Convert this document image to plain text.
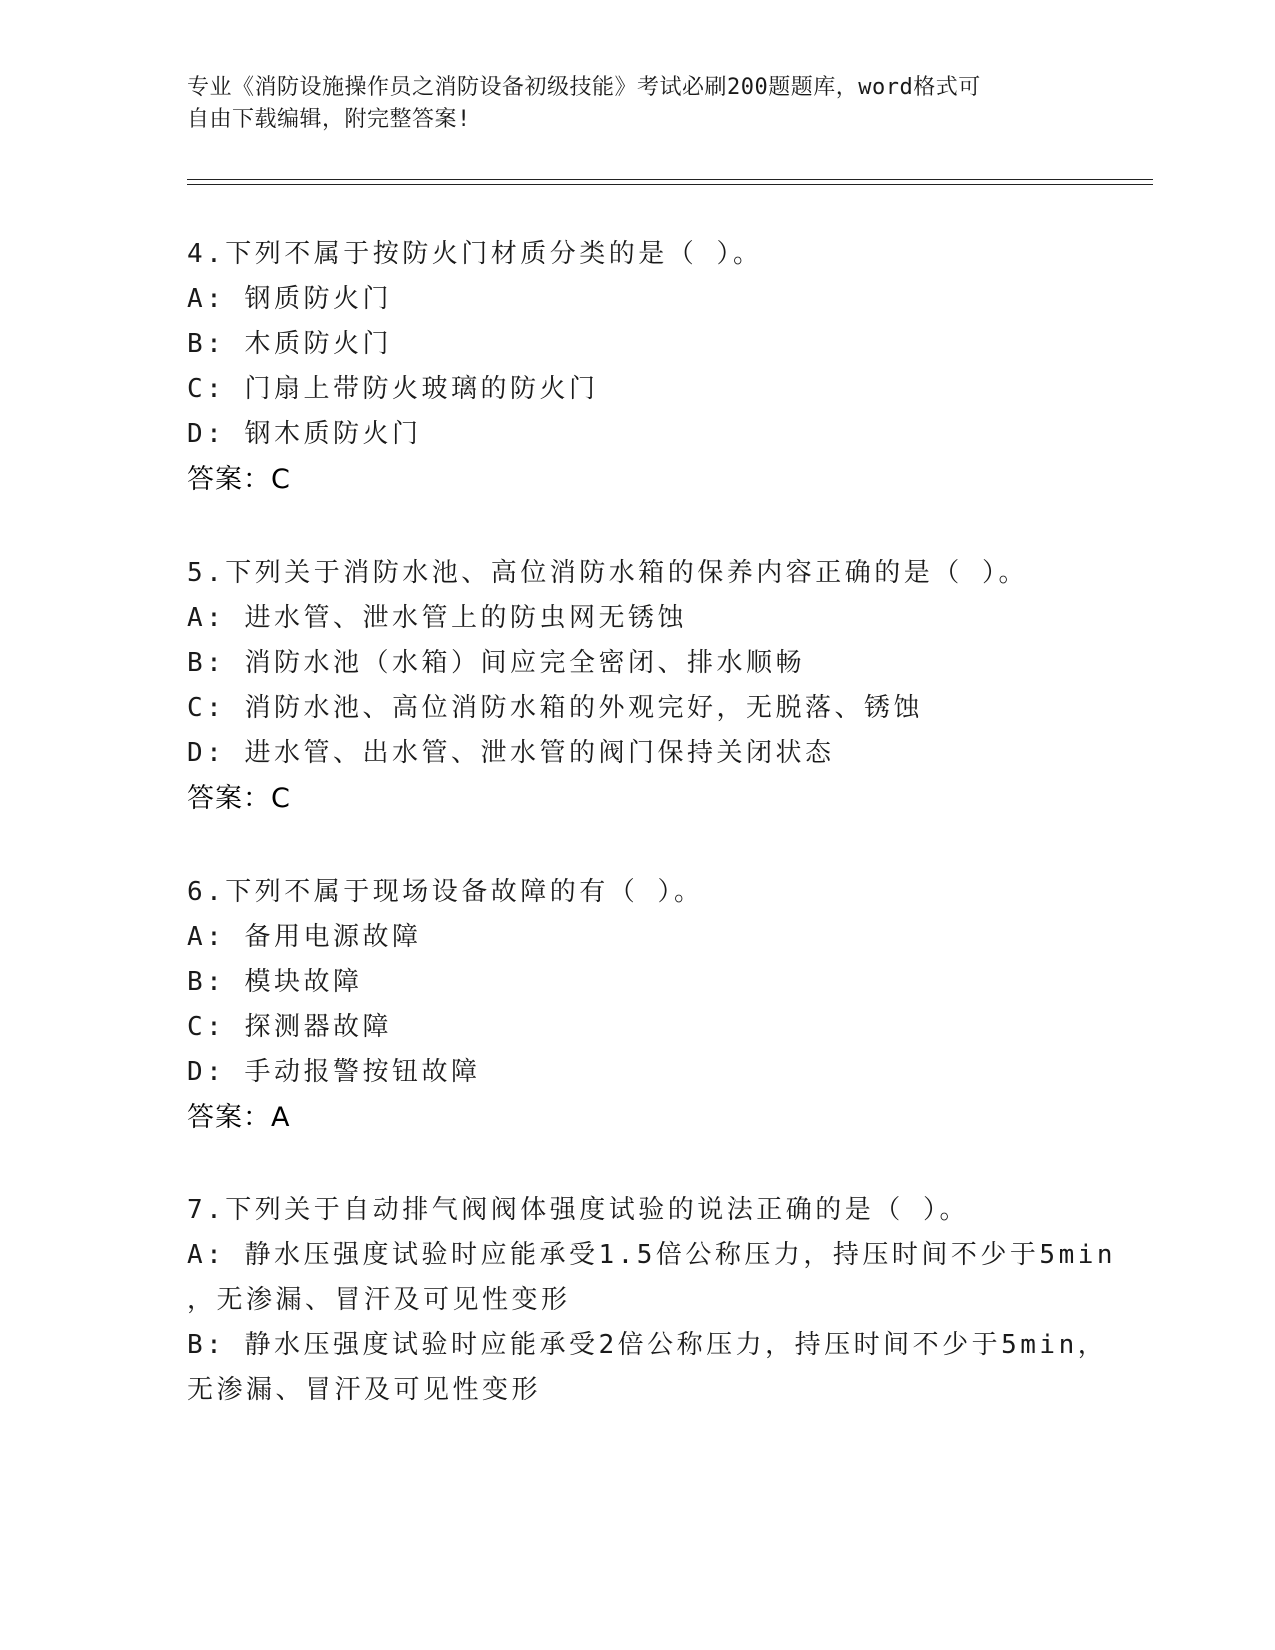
专业《消防设施操作员之消防设备初级技能》考试必刷200题题库，word格式可
自由下载编辑，附完整答案!
4.下列不属于按防火门材质分类的是（ ）。
A: 钢质防火门
B: 木质防火门
C: 门扇上带防火玻璃的防火门
D: 钢木质防火门
答案：C
5.下列关于消防水池、高位消防水箱的保养内容正确的是（ ）。
A: 进水管、泄水管上的防虫网无锈蚀
B: 消防水池（水箱）间应完全密闭、排水顺畅
C: 消防水池、高位消防水箱的外观完好，无脱落、锈蚀
D: 进水管、出水管、泄水管的阀门保持关闭状态
答案：C
6.下列不属于现场设备故障的有（ ）。
A: 备用电源故障
B: 模块故障
C: 探测器故障
D: 手动报警按钮故障
答案：A
7.下列关于自动排气阀阀体强度试验的说法正确的是（ ）。
A: 静水压强度试验时应能承受1.5倍公称压力，持压时间不少于5min
，无渗漏、冒汗及可见性变形
B: 静水压强度试验时应能承受2倍公称压力，持压时间不少于5min，
无渗漏、冒汗及可见性变形
